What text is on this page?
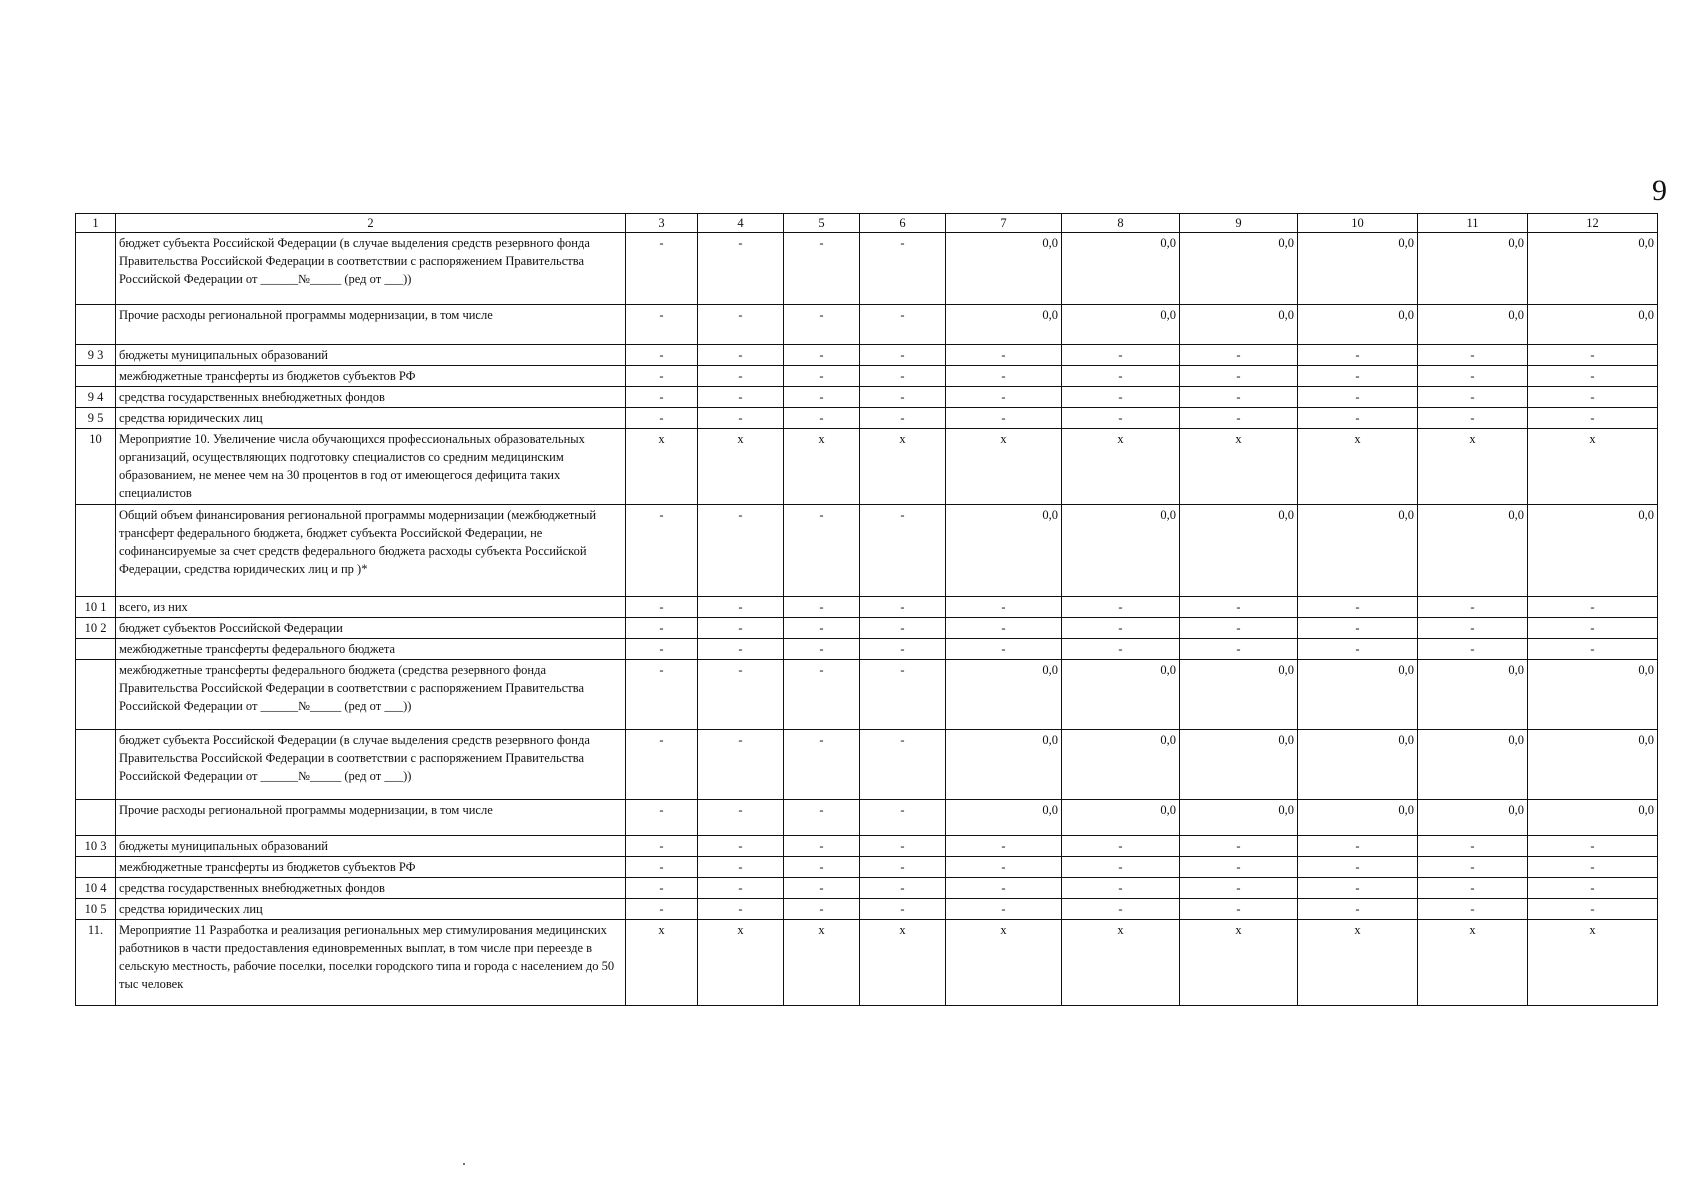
9
1	2	3	4	5	6	7	8	9	10	11	12
	бюджет субъекта Российской Федерации (в случае выделения средств резервного фонда Правительства Российской Федерации в соответствии с распоряжением Правительства Российской Федерации от ______№_____ (ред от ___))	-	-	-	-	0,0	0,0	0,0	0,0	0,0	0,0
	Прочие расходы региональной программы модернизации, в том числе	-	-	-	-	0,0	0,0	0,0	0,0	0,0	0,0
9 3	бюджеты муниципальных образований	-	-	-	-	-	-	-	-	-	-
	межбюджетные трансферты из бюджетов субъектов РФ	-	-	-	-	-	-	-	-	-	-
9 4	средства государственных внебюджетных фондов	-	-	-	-	-	-	-	-	-	-
9 5	средства юридических лиц	-	-	-	-	-	-	-	-	-	-
10	Мероприятие 10. Увеличение числа обучающихся профессиональных образовательных организаций, осуществляющих подготовку специалистов со средним медицинским образованием, не менее чем на 30 процентов в год от имеющегося дефицита таких специалистов	x	x	x	x	x	x	x	x	x	x
	Общий объем финансирования региональной программы модернизации (межбюджетный трансферт федерального бюджета, бюджет субъекта Российской Федерации, не софинансируемые за счет средств федерального бюджета расходы субъекта Российской Федерации, средства юридических лиц и пр )*	-	-	-	-	0,0	0,0	0,0	0,0	0,0	0,0
10 1	всего, из них	-	-	-	-	-	-	-	-	-	-
10 2	бюджет субъектов Российской Федерации	-	-	-	-	-	-	-	-	-	-
	межбюджетные трансферты федерального бюджета	-	-	-	-	-	-	-	-	-	-
	межбюджетные трансферты федерального бюджета (средства резервного фонда Правительства Российской Федерации в соответствии с распоряжением Правительства Российской Федерации от ______№_____ (ред от ___))	-	-	-	-	0,0	0,0	0,0	0,0	0,0	0,0
	бюджет субъекта Российской Федерации (в случае выделения средств резервного фонда Правительства Российской Федерации в соответствии с распоряжением Правительства Российской Федерации от ______№_____ (ред от ___))	-	-	-	-	0,0	0,0	0,0	0,0	0,0	0,0
	Прочие расходы региональной программы модернизации, в том числе	-	-	-	-	0,0	0,0	0,0	0,0	0,0	0,0
10 3	бюджеты муниципальных образований	-	-	-	-	-	-	-	-	-	-
	межбюджетные трансферты из бюджетов субъектов РФ	-	-	-	-	-	-	-	-	-	-
10 4	средства государственных внебюджетных фондов	-	-	-	-	-	-	-	-	-	-
10 5	средства юридических лиц	-	-	-	-	-	-	-	-	-	-
11.	Мероприятие 11 Разработка и реализация региональных мер стимулирования медицинских работников в части предоставления единовременных выплат, в том числе при переезде в сельскую местность, рабочие поселки, поселки городского типа и города с населением до 50 тыс человек	x	x	x	x	x	x	x	x	x	x
